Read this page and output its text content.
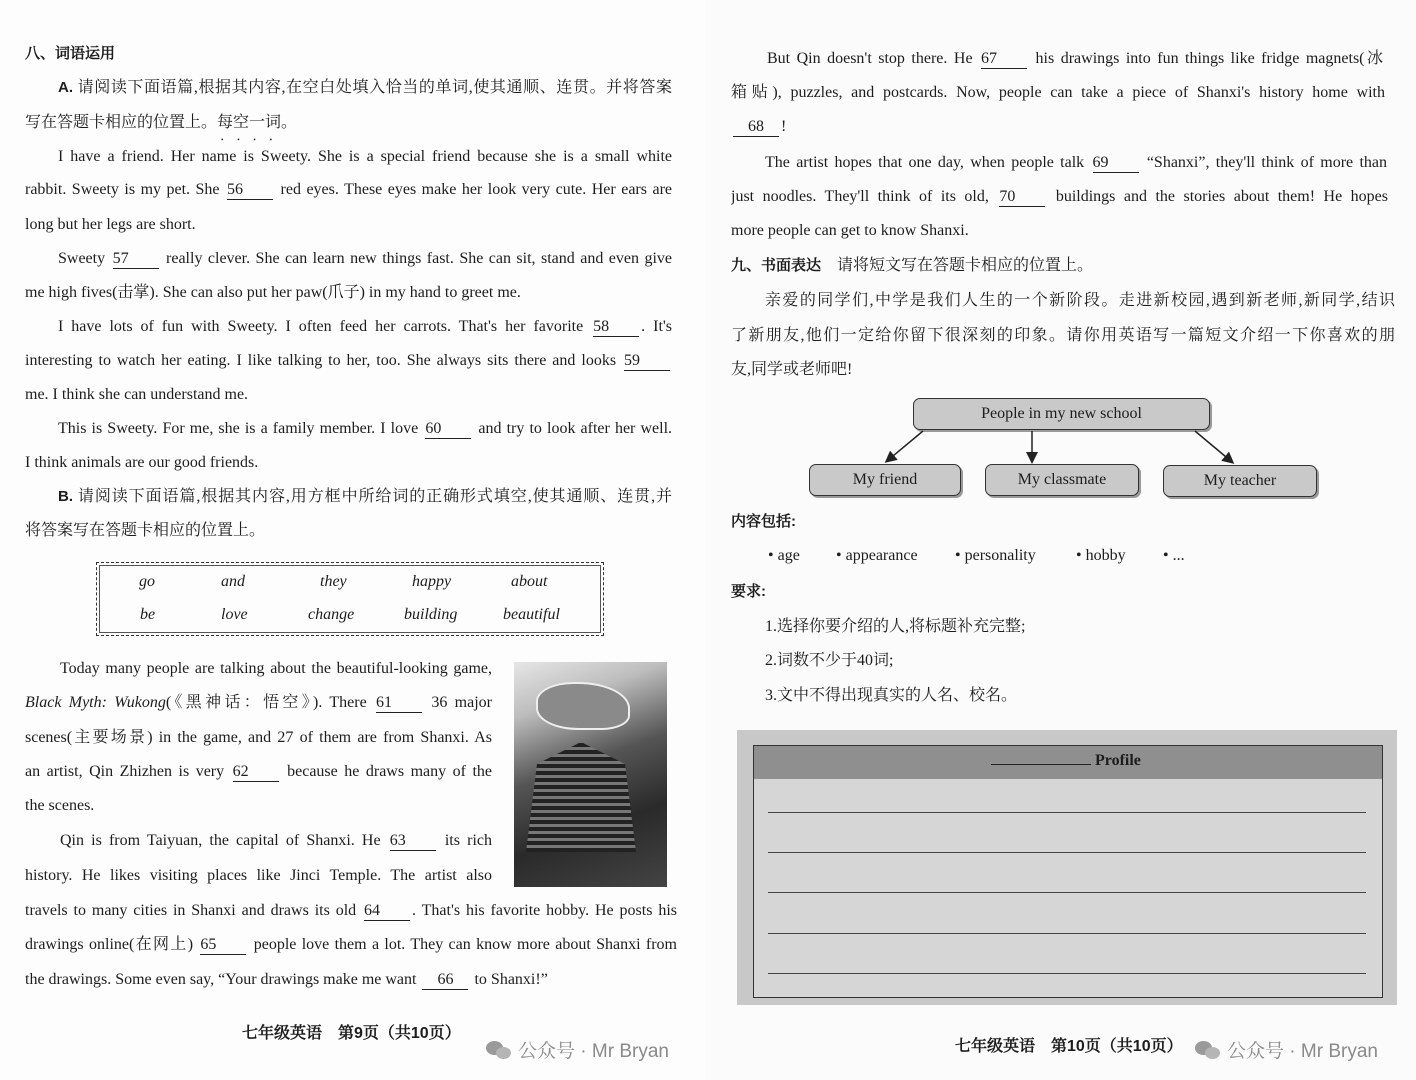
八、词语运用
go	and	they	happy	about
be	love	change	building	beautiful
七年级英语　第9页（共10页）
公众号 · Mr Bryan
A. 请阅读下面语篇,根据其内容,在空白处填入恰当的单词,使其通顺、连贯。并将答案
写在答题卡相应的位置上。每空一词 • • • •。
I have a friend. Her name is Sweety. She is a special friend because she is a small white
rabbit. Sweety is my pet. She 56 red eyes. These eyes make her look very cute. Her ears are
long but her legs are short.
Sweety 57 really clever. She can learn new things fast. She can sit, stand and even give
me high fives(击掌). She can also put her paw(爪子) in my hand to greet me.
I have lots of fun with Sweety. I often feed her carrots. That's her favorite 58 . It's
interesting to watch her eating. I like talking to her, too. She always sits there and looks 59
me. I think she can understand me.
This is Sweety. For me, she is a family member. I love 60 and try to look after her well.
I think animals are our good friends.
B. 请阅读下面语篇,根据其内容,用方框中所给词的正确形式填空,使其通顺、连贯,并
将答案写在答题卡相应的位置上。
Today many people are talking about the beautiful-looking game,
Black Myth: Wukong(《黑神话：悟空》). There 61 36 major
scenes(主要场景) in the game, and 27 of them are from Shanxi. As
an artist, Qin Zhizhen is very 62 because he draws many of the
the scenes.
Qin is from Taiyuan, the capital of Shanxi. He 63 its rich
history. He likes visiting places like Jinci Temple. The artist also
travels to many cities in Shanxi and draws its old 64 . That's his favorite hobby. He posts his
drawings online(在网上) 65 people love them a lot. They can know more about Shanxi from
the drawings. Some even say, “Your drawings make me want 66 to Shanxi!”
People in my new school
My friend	My classmate	My teacher
• age • appearance • personality	• hobby • ...
七年级英语　第10页（共10页） 公众号 · Mr Bryan
But Qin doesn't stop there. He 67 his drawings into fun things like fridge magnets(冰
箱贴), puzzles, and postcards. Now, people can take a piece of Shanxi's history home with
68 !
The artist hopes that one day, when people talk 69 “Shanxi”, they'll think of more than
just noodles. They'll think of its old, 70 buildings and the stories about them! He hopes
more people can get to know Shanxi.
九、书面表达　请将短文写在答题卡相应的位置上。
亲爱的同学们,中学是我们人生的一个新阶段。走进新校园,遇到新老师,新同学,结识
了新朋友,他们一定给你留下很深刻的印象。请你用英语写一篇短文介绍一下你喜欢的朋
友,同学或老师吧!
内容包括:
要求:
1.选择你要介绍的人,将标题补充完整;
2.词数不少于40词;
3.文中不得出现真实的人名、校名。
Profile
